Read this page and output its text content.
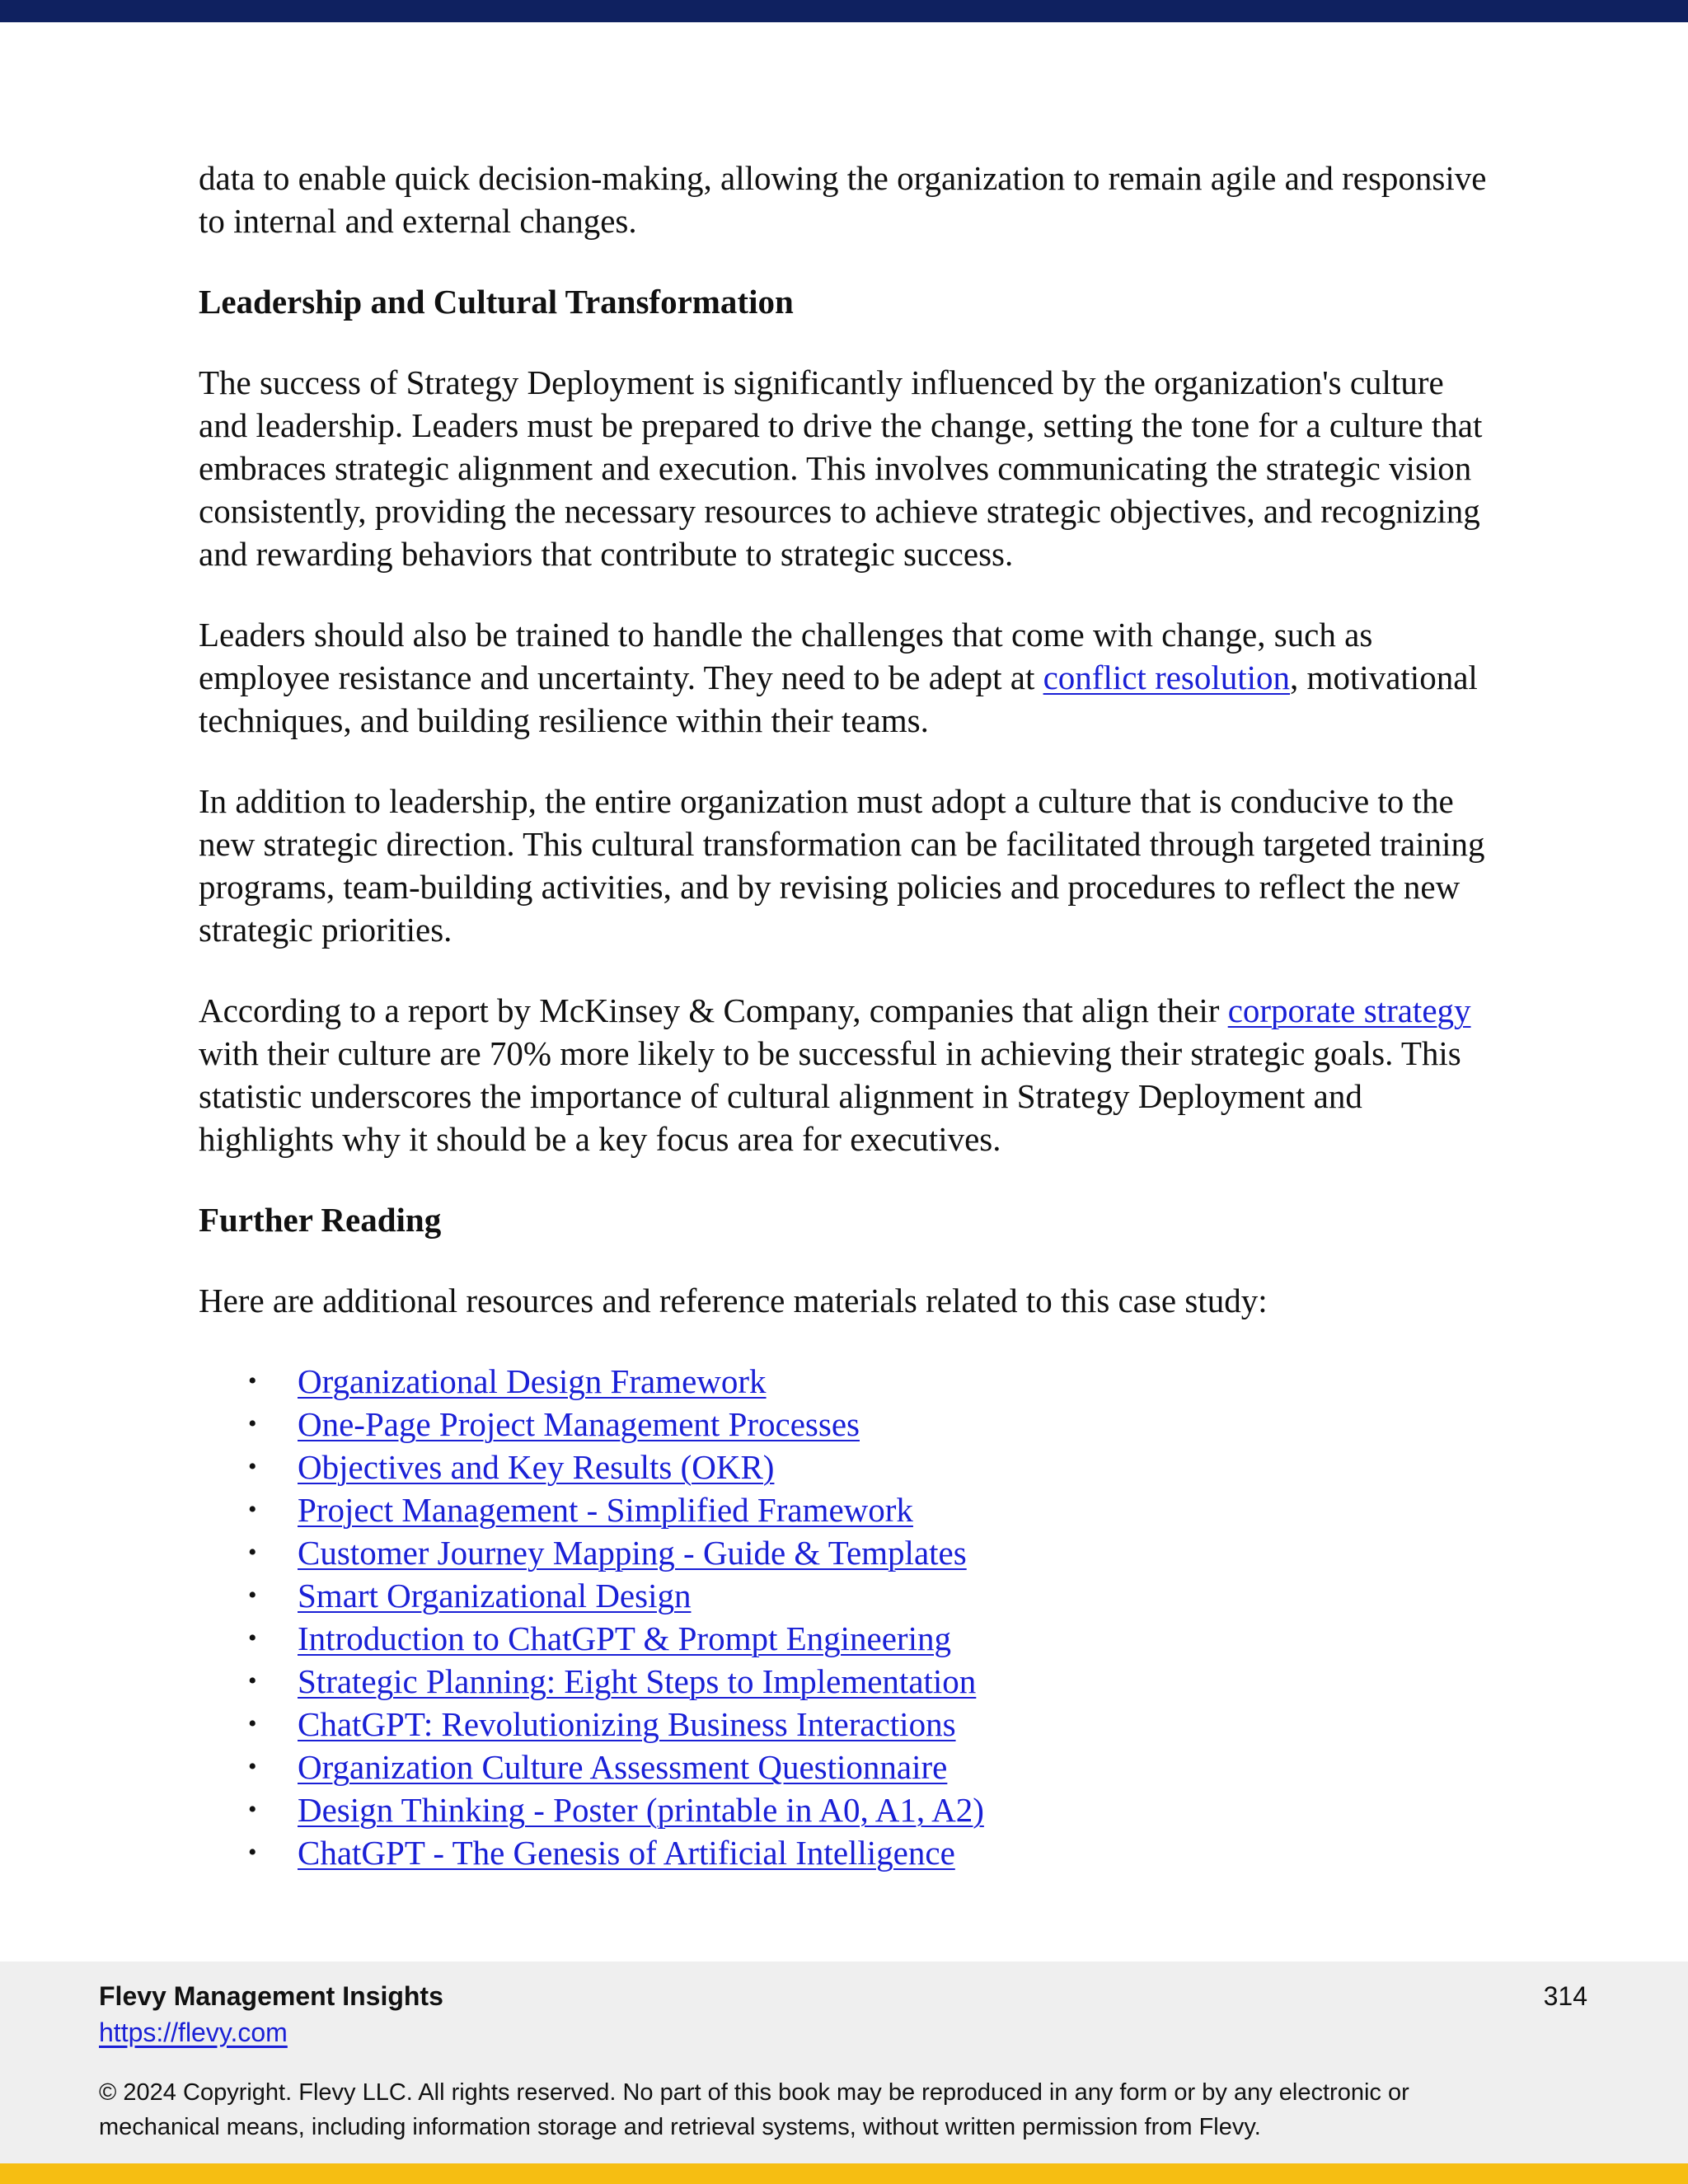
data to enable quick decision-making, allowing the organization to remain agile and responsive to internal and external changes.

Leadership and Cultural Transformation

The success of Strategy Deployment is significantly influenced by the organization's culture and leadership. Leaders must be prepared to drive the change, setting the tone for a culture that embraces strategic alignment and execution. This involves communicating the strategic vision consistently, providing the necessary resources to achieve strategic objectives, and recognizing and rewarding behaviors that contribute to strategic success.

Leaders should also be trained to handle the challenges that come with change, such as employee resistance and uncertainty. They need to be adept at conflict resolution, motivational techniques, and building resilience within their teams.

In addition to leadership, the entire organization must adopt a culture that is conducive to the new strategic direction. This cultural transformation can be facilitated through targeted training programs, team-building activities, and by revising policies and procedures to reflect the new strategic priorities.

According to a report by McKinsey & Company, companies that align their corporate strategy with their culture are 70% more likely to be successful in achieving their strategic goals. This statistic underscores the importance of cultural alignment in Strategy Deployment and highlights why it should be a key focus area for executives.

Further Reading

Here are additional resources and reference materials related to this case study:

• Organizational Design Framework
• One-Page Project Management Processes
• Objectives and Key Results (OKR)
• Project Management - Simplified Framework
• Customer Journey Mapping - Guide & Templates
• Smart Organizational Design
• Introduction to ChatGPT & Prompt Engineering
• Strategic Planning: Eight Steps to Implementation
• ChatGPT: Revolutionizing Business Interactions
• Organization Culture Assessment Questionnaire
• Design Thinking - Poster (printable in A0, A1, A2)
• ChatGPT - The Genesis of Artificial Intelligence
Flevy Management Insights
https://flevy.com
314
© 2024 Copyright. Flevy LLC. All rights reserved. No part of this book may be reproduced in any form or by any electronic or mechanical means, including information storage and retrieval systems, without written permission from Flevy.
